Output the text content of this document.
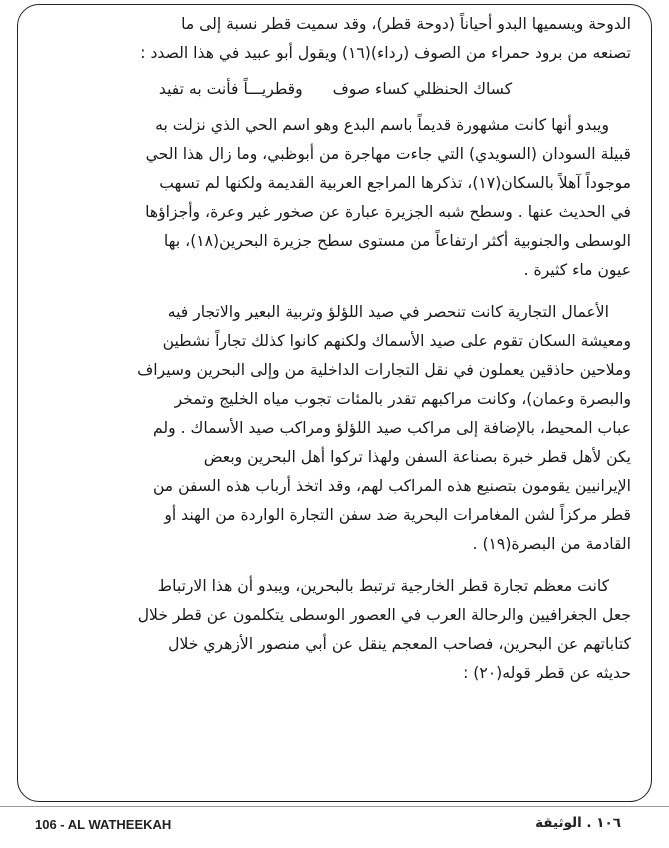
الدوحة ويسميها البدو أحياناً (دوحة قطر)، وقد سميت قطر نسبة إلى ما
تصنعه من برود حمراء من الصوف (رداء)(١٦) ويقول أبو عبيد في هذا الصدد :
كساك الحنظلي كساء صوف
وقطريـــاً فأنت به تفيد
ويبدو أنها كانت مشهورة قديماً باسم البدع وهو اسم الحي الذي نزلت به
قبيلة السودان (السويدي) التي جاءت مهاجرة من أبوظبي، وما زال هذا الحي
موجوداً آهلاً بالسكان(١٧)، تذكرها المراجع العربية القديمة ولكنها لم تسهب
في الحديث عنها . وسطح شبه الجزيرة عبارة عن صخور غير وعرة، وأجزاؤها
الوسطى والجنوبية أكثر ارتفاعاً من مستوى سطح جزيرة البحرين(١٨)، بها
عيون ماء كثيرة .
الأعمال التجارية كانت تنحصر في صيد اللؤلؤ وتربية البعير والاتجار فيه
ومعيشة السكان تقوم على صيد الأسماك ولكنهم كانوا كذلك تجاراً نشطين
وملاحين حاذقين يعملون في نقل التجارات الداخلية من وإلى البحرين وسيراف
والبصرة وعمان)، وكانت مراكبهم تقدر بالمئات تجوب مياه الخليج وتمخر
عباب المحيط، بالإضافة إلى مراكب صيد اللؤلؤ ومراكب صيد الأسماك . ولم
يكن لأهل قطر خبرة بصناعة السفن ولهذا تركوا أهل البحرين وبعض
الإيرانيين يقومون بتصنيع هذه المراكب لهم، وقد اتخذ أرباب هذه السفن من
قطر مركزاً لشن المغامرات البحرية ضد سفن التجارة الواردة من الهند أو
القادمة من البصرة(١٩) .
كانت معظم تجارة قطر الخارجية ترتبط بالبحرين، ويبدو أن هذا الارتباط
جعل الجغرافيين والرحالة العرب في العصور الوسطى يتكلمون عن قطر خلال
كتاباتهم عن البحرين، فصاحب المعجم ينقل عن أبي منصور الأزهري خلال
حديثه عن قطر قوله(٢٠) :
106 - AL WATHEEKAH	١٠٦ . الوثيقة
